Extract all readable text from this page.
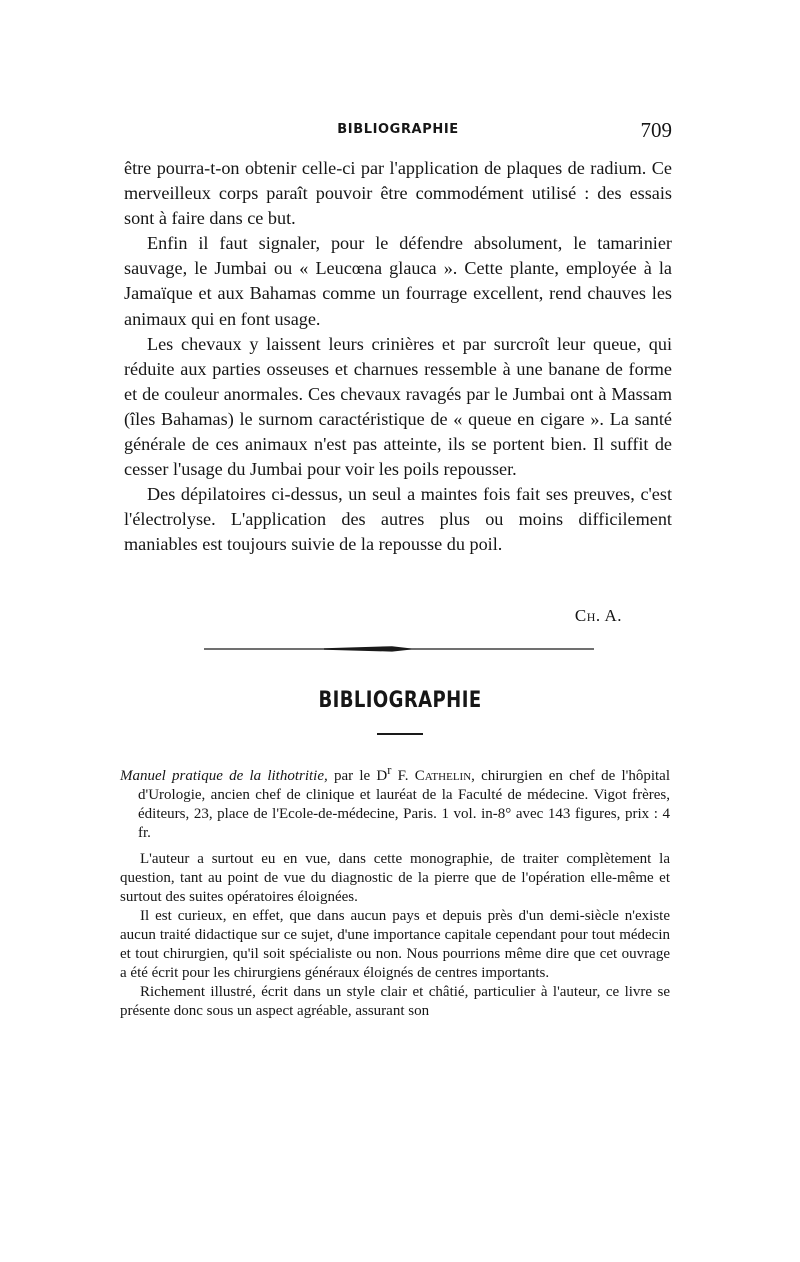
BIBLIOGRAPHIE	709

être pourra-t-on obtenir celle-ci par l'application de plaques de radium. Ce merveilleux corps paraît pouvoir être commodément utilisé : des essais sont à faire dans ce but.

Enfin il faut signaler, pour le défendre absolument, le tamarinier sauvage, le Jumbai ou « Leucœna glauca ». Cette plante, employée à la Jamaïque et aux Bahamas comme un fourrage excellent, rend chauves les animaux qui en font usage.

Les chevaux y laissent leurs crinières et par surcroît leur queue, qui réduite aux parties osseuses et charnues ressemble à une banane de forme et de couleur anormales. Ces chevaux ravagés par le Jumbai ont à Massam (îles Bahamas) le surnom caractéristique de « queue en cigare ». La santé générale de ces animaux n'est pas atteinte, ils se portent bien. Il suffit de cesser l'usage du Jumbai pour voir les poils repousser.

Des dépilatoires ci-dessus, un seul a maintes fois fait ses preuves, c'est l'électrolyse. L'application des autres plus ou moins difficilement maniables est toujours suivie de la repousse du poil.

Ch. A.
BIBLIOGRAPHIE
Manuel pratique de la lithotritie, par le $D^r$ F. Cathelin, chirurgien en chef de l'hôpital d'Urologie, ancien chef de clinique et lauréat de la Faculté de médecine. Vigot frères, éditeurs, 23, place de l'Ecole-de-médecine, Paris. 1 vol. in-8° avec 143 figures, prix : 4 fr.

L'auteur a surtout eu en vue, dans cette monographie, de traiter complètement la question, tant au point de vue du diagnostic de la pierre que de l'opération elle-même et surtout des suites opératoires éloignées.

Il est curieux, en effet, que dans aucun pays et depuis près d'un demi-siècle n'existe aucun traité didactique sur ce sujet, d'une importance capitale cependant pour tout médecin et tout chirurgien, qu'il soit spécialiste ou non. Nous pourrions même dire que cet ouvrage a été écrit pour les chirurgiens généraux éloignés de centres importants.

Richement illustré, écrit dans un style clair et châtié, particulier à l'auteur, ce livre se présente donc sous un aspect agréable, assurant son
